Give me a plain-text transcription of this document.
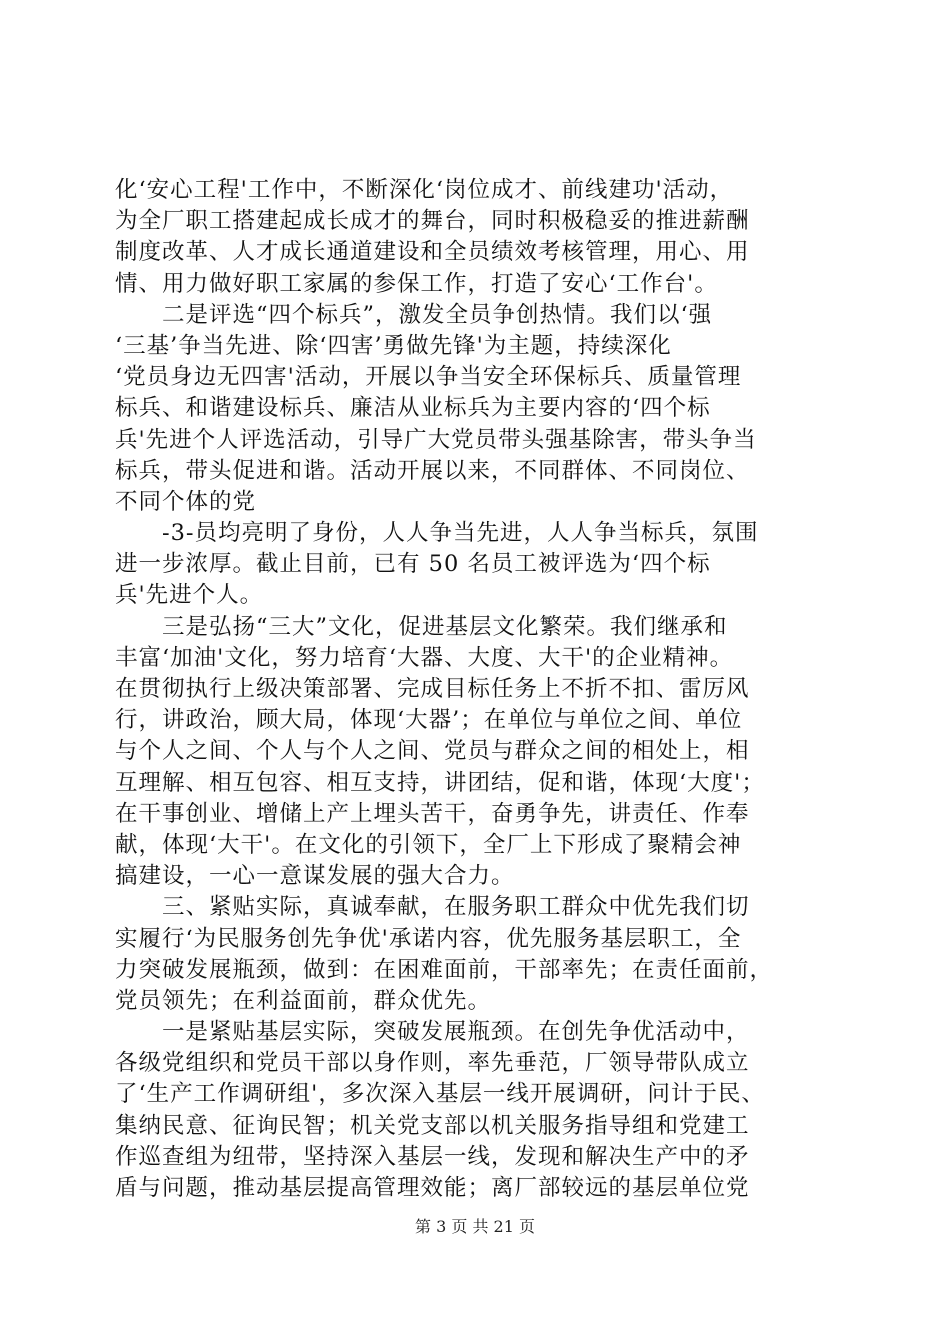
化‘安心工程'工作中，不断深化‘岗位成才、前线建功'活动，
为全厂职工搭建起成长成才的舞台，同时积极稳妥的推进薪酬
制度改革、人才成长通道建设和全员绩效考核管理，用心、用
情、用力做好职工家属的参保工作，打造了安心‘工作台'。
　　二是评选“四个标兵”，激发全员争创热情。我们以‘强
‘三基’争当先进、除‘四害’勇做先锋'为主题，持续深化
‘党员身边无四害'活动，开展以争当安全环保标兵、质量管理
标兵、和谐建设标兵、廉洁从业标兵为主要内容的‘四个标
兵'先进个人评选活动，引导广大党员带头强基除害，带头争当
标兵，带头促进和谐。活动开展以来，不同群体、不同岗位、
不同个体的党
　　-3-员均亮明了身份，人人争当先进，人人争当标兵，氛围
进一步浓厚。截止目前，已有 50 名员工被评选为‘四个标
兵'先进个人。
　　三是弘扬“三大”文化，促进基层文化繁荣。我们继承和
丰富‘加油'文化，努力培育‘大器、大度、大干'的企业精神。
在贯彻执行上级决策部署、完成目标任务上不折不扣、雷厉风
行，讲政治，顾大局，体现‘大器’；在单位与单位之间、单位
与个人之间、个人与个人之间、党员与群众之间的相处上，相
互理解、相互包容、相互支持，讲团结，促和谐，体现‘大度'；
在干事创业、增储上产上埋头苦干，奋勇争先，讲责任、作奉
献，体现‘大干'。在文化的引领下，全厂上下形成了聚精会神
搞建设，一心一意谋发展的强大合力。
　　三、紧贴实际，真诚奉献，在服务职工群众中优先我们切
实履行‘为民服务创先争优'承诺内容，优先服务基层职工，全
力突破发展瓶颈，做到：在困难面前，干部率先；在责任面前，
党员领先；在利益面前，群众优先。
　　一是紧贴基层实际，突破发展瓶颈。在创先争优活动中，
各级党组织和党员干部以身作则，率先垂范，厂领导带队成立
了‘生产工作调研组'，多次深入基层一线开展调研，问计于民、
集纳民意、征询民智；机关党支部以机关服务指导组和党建工
作巡查组为纽带，坚持深入基层一线，发现和解决生产中的矛
盾与问题，推动基层提高管理效能；离厂部较远的基层单位党
第 3 页 共 21 页
